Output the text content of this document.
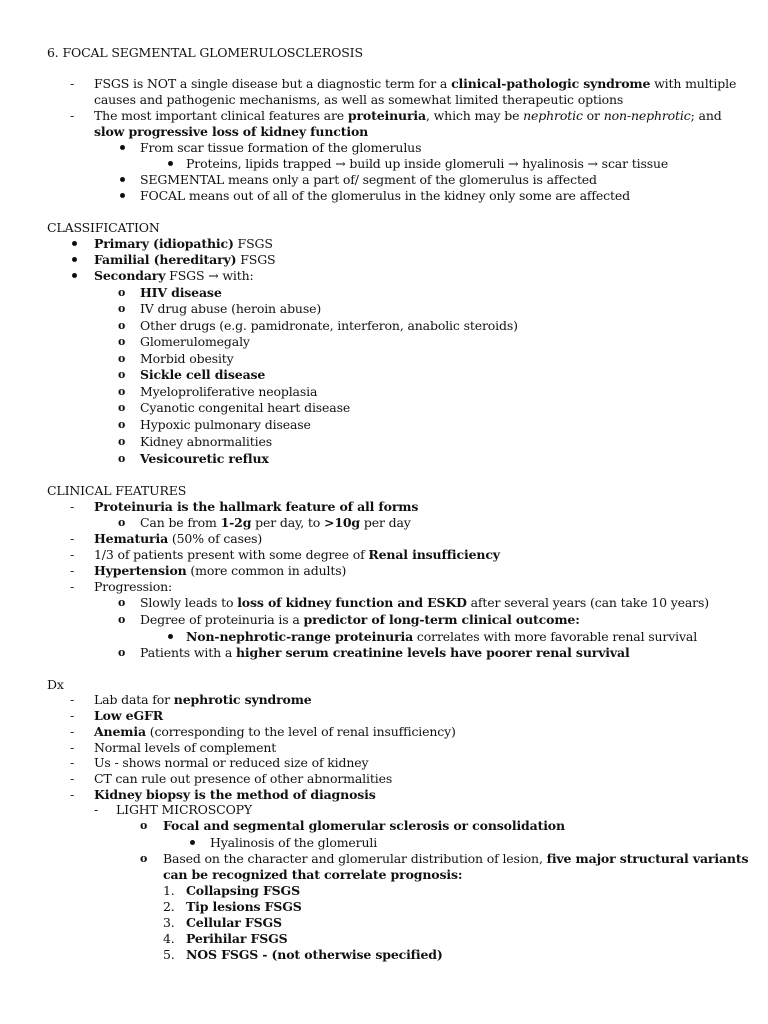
6. FOCAL SEGMENTAL GLOMERULOSCLEROSIS
- FSGS is NOT a single disease but a diagnostic term for a clinical-pathologic syndrome with multiple
causes and pathogenic mechanisms, as well as somewhat limited therapeutic options
- The most important clinical features are proteinuria, which may be nephrotic or non-nephrotic; and
slow progressive loss of kidney function
From scar tissue formation of the glomerulus
Proteins, lipids trapped → build up inside glomeruli → hyalinosis → scar tissue
SEGMENTAL means only a part of/ segment of the glomerulus is affected
FOCAL means out of all of the glomerulus in the kidney only some are affected
CLASSIFICATION
Primary (idiopathic) FSGS
Familial (hereditary) FSGS
Secondary FSGS → with:
o HIV disease
o IV drug abuse (heroin abuse)
o Other drugs (e.g. pamidronate, interferon, anabolic steroids)
o Glomerulomegaly
o Morbid obesity
o Sickle cell disease
o Myeloproliferative neoplasia
o Cyanotic congenital heart disease
o Hypoxic pulmonary disease
o Kidney abnormalities
o Vesicouretic reflux
CLINICAL FEATURES
- Proteinuria is the hallmark feature of all forms
o Can be from 1-2g per day, to >10g per day
- Hematuria (50% of cases)
- 1/3 of patients present with some degree of Renal insufficiency
- Hypertension (more common in adults)
- Progression:
o Slowly leads to loss of kidney function and ESKD after several years (can take 10 years)
o Degree of proteinuria is a predictor of long-term clinical outcome:
Non-nephrotic-range proteinuria correlates with more favorable renal survival
o Patients with a higher serum creatinine levels have poorer renal survival
Dx
- Lab data for nephrotic syndrome
- Low eGFR
- Anemia (corresponding to the level of renal insufficiency)
- Normal levels of complement
- Us - shows normal or reduced size of kidney
- CT can rule out presence of other abnormalities
- Kidney biopsy is the method of diagnosis
- LIGHT MICROSCOPY
o Focal and segmental glomerular sclerosis or consolidation
Hyalinosis of the glomeruli
o Based on the character and glomerular distribution of lesion, five major structural variants
can be recognized that correlate prognosis:
1. Collapsing FSGS
2. Tip lesions FSGS
3. Cellular FSGS
4. Perihilar FSGS
5. NOS FSGS - (not otherwise specified)
